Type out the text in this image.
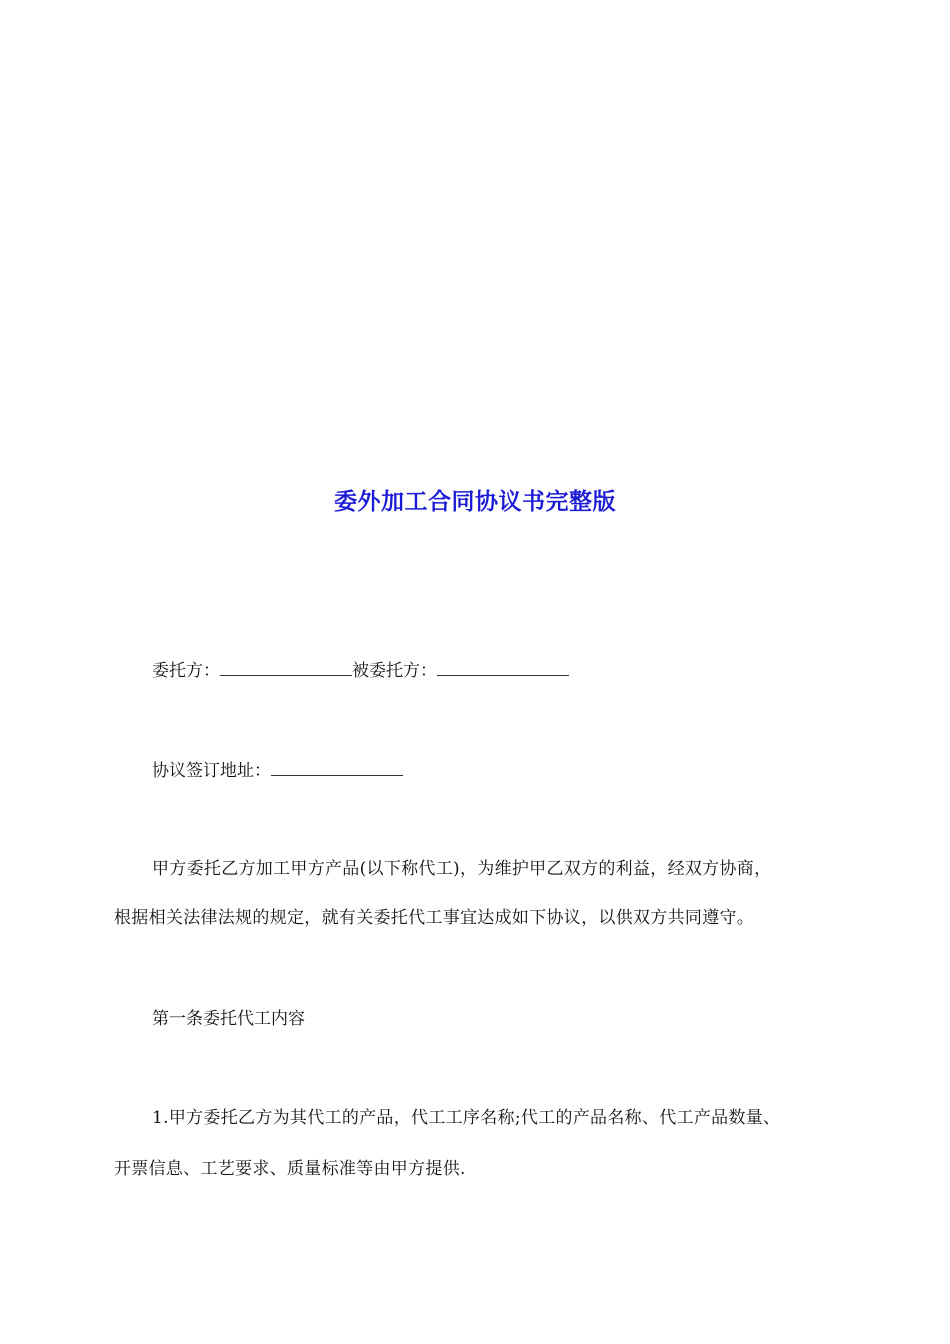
委外加工合同协议书完整版
委托方：	被委托方：
协议签订地址：
甲方委托乙方加工甲方产品(以下称代工)，为维护甲乙双方的利益，经双方协商，
根据相关法律法规的规定，就有关委托代工事宜达成如下协议，以供双方共同遵守。
第一条委托代工内容
1.甲方委托乙方为其代工的产品，代工工序名称;代工的产品名称、代工产品数量、
开票信息、工艺要求、质量标准等由甲方提供.
